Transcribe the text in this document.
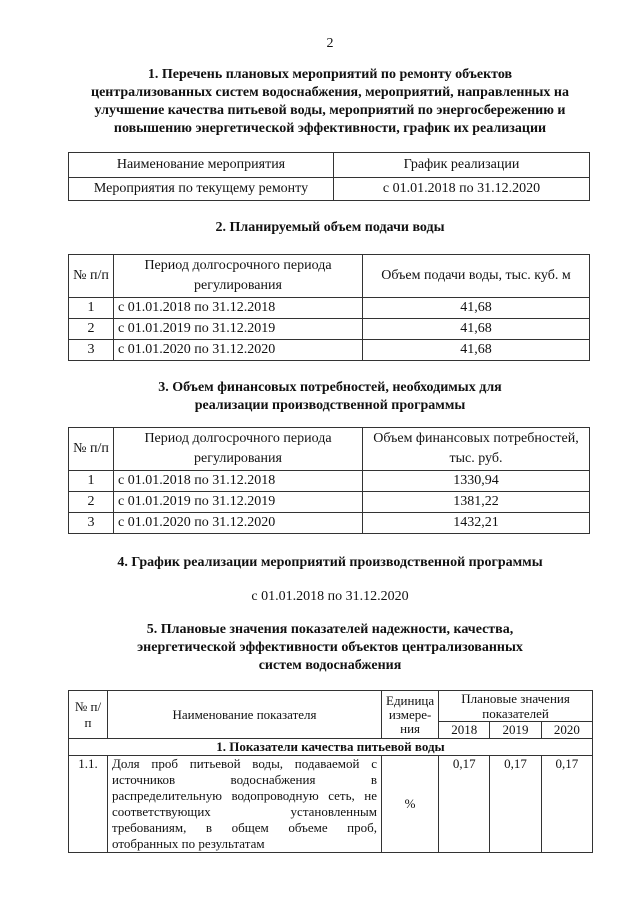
2
1. Перечень плановых мероприятий по ремонту объектов
централизованных систем водоснабжения, мероприятий, направленных на
улучшение качества питьевой воды, мероприятий по энергосбережению и
повышению энергетической эффективности, график их реализации
Наименование мероприятия	График реализации
Мероприятия по текущему ремонту	с 01.01.2018 по 31.12.2020
2. Планируемый объем подачи воды
№ п/п	Период долгосрочного периода регулирования	Объем подачи воды, тыс. куб. м
1	с 01.01.2018 по 31.12.2018	41,68
2	с 01.01.2019 по 31.12.2019	41,68
3	с 01.01.2020 по 31.12.2020	41,68
3. Объем финансовых потребностей, необходимых для
реализации производственной программы
№ п/п	Период долгосрочного периода регулирования	Объем финансовых потребностей, тыс. руб.
1	с 01.01.2018 по 31.12.2018	1330,94
2	с 01.01.2019 по 31.12.2019	1381,22
3	с 01.01.2020 по 31.12.2020	1432,21
4. График реализации мероприятий производственной программы
с 01.01.2018 по 31.12.2020
5. Плановые значения показателей надежности, качества,
энергетической эффективности объектов централизованных
систем водоснабжения
№ п/п	Наименование показателя	Единица измере-ния	Плановые значения показателей		
			2018	2019	2020
1. Показатели качества питьевой воды					
1.1.	Доля проб питьевой воды, подаваемой с источников водоснабжения в распределительную водопроводную сеть, не соответствующих установленным требованиям, в общем объеме проб, отобранных по результатам	%	0,17	0,17	0,17
